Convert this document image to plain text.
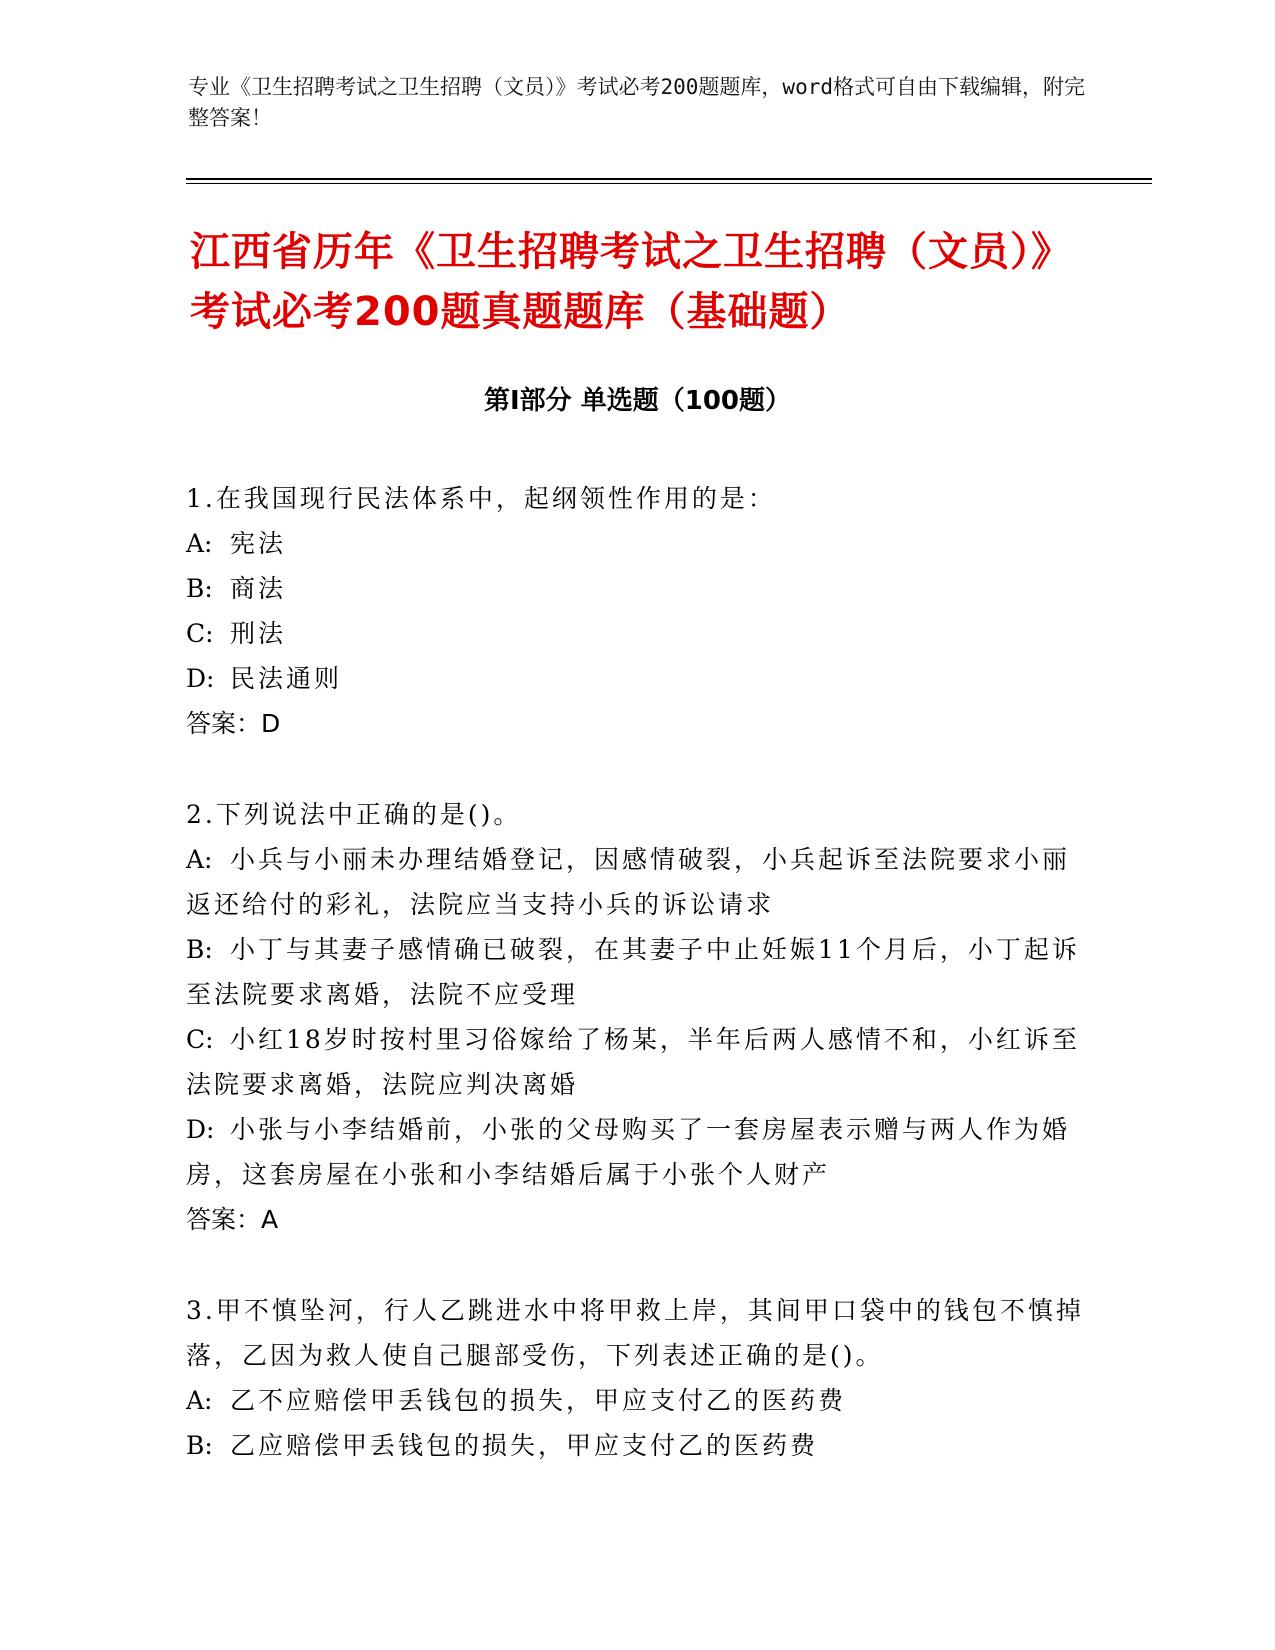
专业《卫生招聘考试之卫生招聘（文员）》考试必考200题题库，word格式可自由下载编辑，附完整答案！
江西省历年《卫生招聘考试之卫生招聘（文员）》考试必考200题真题题库（基础题）
第Ⅰ部分 单选题（100题）
1.在我国现行民法体系中，起纲领性作用的是：
A: 宪法
B: 商法
C: 刑法
D: 民法通则
答案：D
2.下列说法中正确的是()。
A: 小兵与小丽未办理结婚登记，因感情破裂，小兵起诉至法院要求小丽返还给付的彩礼，法院应当支持小兵的诉讼请求
B: 小丁与其妻子感情确已破裂，在其妻子中止妊娠11个月后，小丁起诉至法院要求离婚，法院不应受理
C: 小红18岁时按村里习俗嫁给了杨某，半年后两人感情不和，小红诉至法院要求离婚，法院应判决离婚
D: 小张与小李结婚前，小张的父母购买了一套房屋表示赠与两人作为婚房，这套房屋在小张和小李结婚后属于小张个人财产
答案：A
3.甲不慎坠河，行人乙跳进水中将甲救上岸，其间甲口袋中的钱包不慎掉落，乙因为救人使自己腿部受伤，下列表述正确的是()。
A: 乙不应赔偿甲丢钱包的损失，甲应支付乙的医药费
B: 乙应赔偿甲丢钱包的损失，甲应支付乙的医药费
